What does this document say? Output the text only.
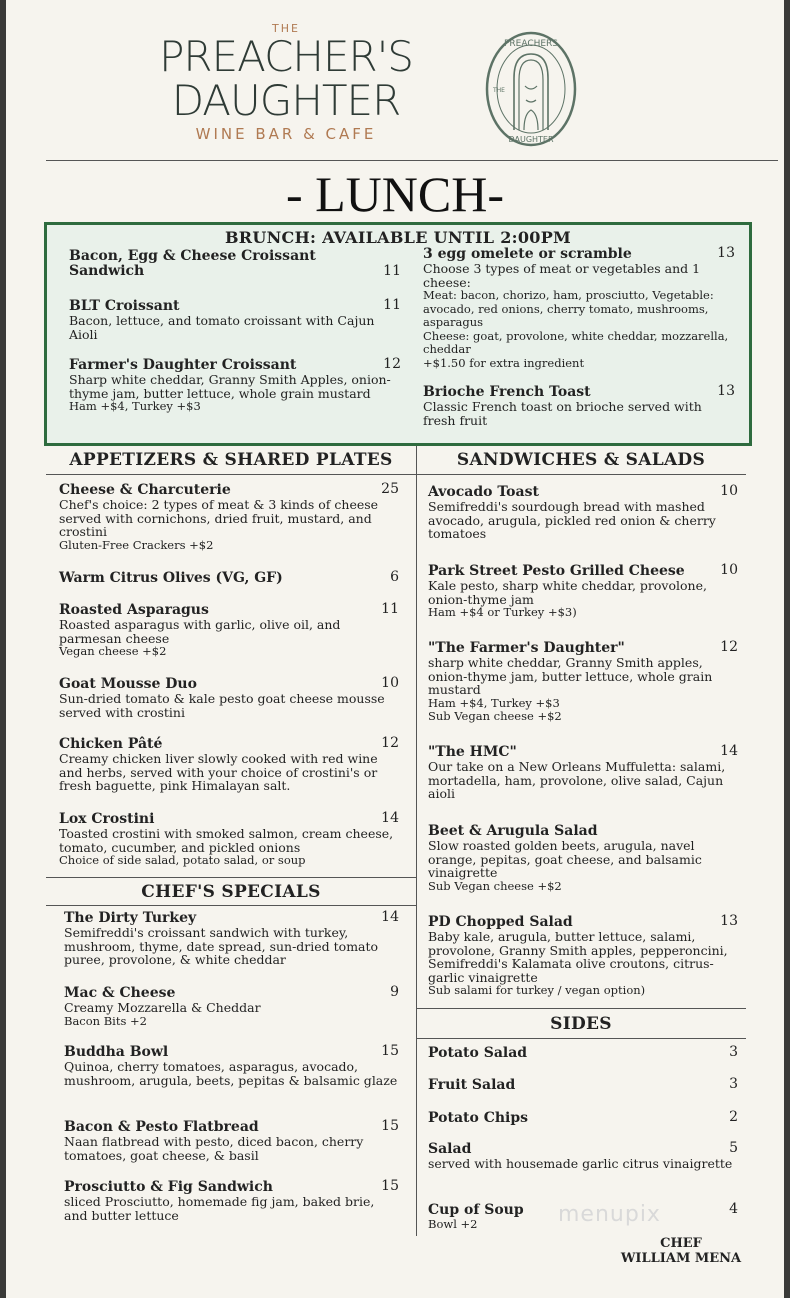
THE
PREACHER'S
DAUGHTER
WINE BAR & CAFE
PREACHERS
THE
DAUGHTER
- LUNCH-
BRUNCH: AVAILABLE UNTIL 2:00PM
Bacon, Egg & Cheese Croissant Sandwich	11
BLT Croissant	11
Bacon, lettuce, and tomato croissant with Cajun Aioli
Farmer's Daughter Croissant	12
Sharp white cheddar, Granny Smith Apples, onion-thyme jam, butter lettuce, whole grain mustard
Ham +$4, Turkey +$3
3 egg omelete or scramble	13
Choose 3 types of meat or vegetables and 1 cheese:
Meat: bacon, chorizo, ham, prosciutto, Vegetable: avocado, red onions, cherry tomato, mushrooms, asparagus
Cheese: goat, provolone, white cheddar, mozzarella, cheddar
+$1.50 for extra ingredient
Brioche French Toast	13
Classic French toast on brioche served with fresh fruit
APPETIZERS & SHARED PLATES	SANDWICHES & SALADS
Cheese & Charcuterie	25
Chef's choice: 2 types of meat & 3 kinds of cheese served with cornichons, dried fruit, mustard, and crostini
Gluten-Free Crackers +$2
Warm Citrus Olives (VG, GF)	6
Roasted Asparagus	11
Roasted asparagus with garlic, olive oil, and parmesan cheese
Vegan cheese +$2
Goat Mousse Duo	10
Sun-dried tomato & kale pesto goat cheese mousse served with crostini
Chicken Pâté	12
Creamy chicken liver slowly cooked with red wine and herbs, served with your choice of crostini's or fresh baguette, pink Himalayan salt.
Lox Crostini	14
Toasted crostini with smoked salmon, cream cheese, tomato, cucumber, and pickled onions
Choice of side salad, potato salad, or soup
CHEF'S SPECIALS
The Dirty Turkey	14
Semifreddi's croissant sandwich with turkey, mushroom, thyme, date spread, sun-dried tomato puree, provolone, & white cheddar
Mac & Cheese	9
Creamy Mozzarella & Cheddar
Bacon Bits +2
Buddha Bowl	15
Quinoa, cherry tomatoes, asparagus, avocado, mushroom, arugula, beets, pepitas & balsamic glaze
Bacon & Pesto Flatbread	15
Naan flatbread with pesto, diced bacon, cherry tomatoes, goat cheese, & basil
Prosciutto & Fig Sandwich	15
sliced Prosciutto, homemade fig jam, baked brie, and butter lettuce
Avocado Toast	10
Semifreddi's sourdough bread with mashed avocado, arugula, pickled red onion & cherry tomatoes
Park Street Pesto Grilled Cheese	10
Kale pesto, sharp white cheddar, provolone, onion-thyme jam
Ham +$4 or Turkey +$3)
"The Farmer's Daughter"	12
sharp white cheddar, Granny Smith apples, onion-thyme jam, butter lettuce, whole grain mustard
Ham +$4, Turkey +$3
Sub Vegan cheese +$2
"The HMC"	14
Our take on a New Orleans Muffuletta: salami, mortadella, ham, provolone, olive salad, Cajun aioli
Beet & Arugula Salad
Slow roasted golden beets, arugula, navel orange, pepitas, goat cheese, and balsamic vinaigrette
Sub Vegan cheese +$2
PD Chopped Salad	13
Baby kale, arugula, butter lettuce, salami, provolone, Granny Smith apples, pepperoncini, Semifreddi's Kalamata olive croutons, citrus-garlic vinaigrette
Sub salami for turkey / vegan option)
SIDES
Potato Salad	3
Fruit Salad	3
Potato Chips	2
Salad	5
served with housemade garlic citrus vinaigrette
Cup of Soup	4
Bowl +2	menupix
CHEF
WILLIAM MENA
